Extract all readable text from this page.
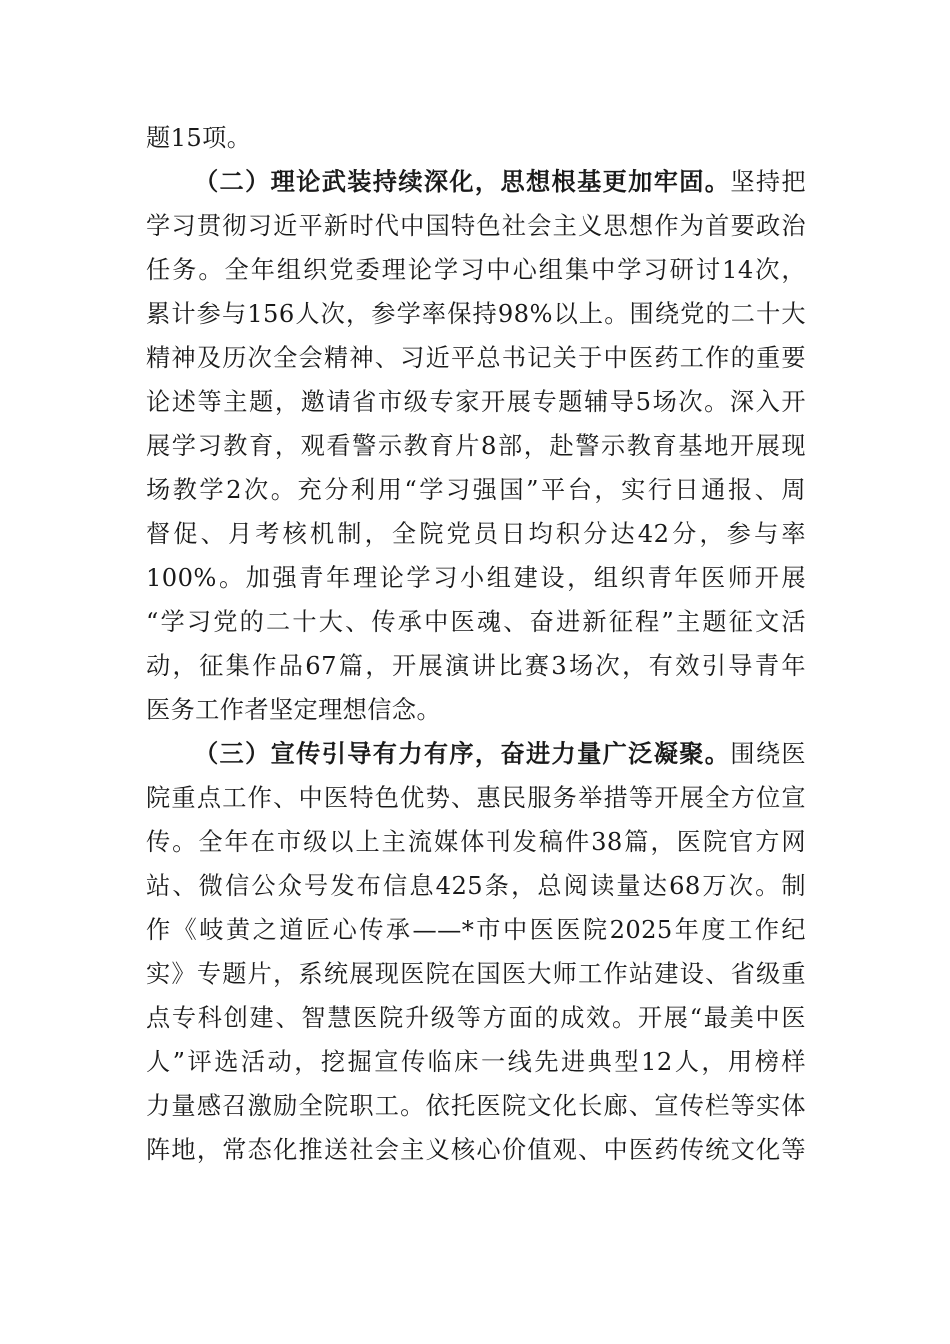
题15项。
（二）理论武装持续深化，思想根基更加牢固。坚持把
学习贯彻习近平新时代中国特色社会主义思想作为首要政治
任务。全年组织党委理论学习中心组集中学习研讨14次，
累计参与156人次，参学率保持98%以上。围绕党的二十大
精神及历次全会精神、习近平总书记关于中医药工作的重要
论述等主题，邀请省市级专家开展专题辅导5场次。深入开
展学习教育，观看警示教育片8部，赴警示教育基地开展现
场教学2次。充分利用“学习强国”平台，实行日通报、周
督促、月考核机制，全院党员日均积分达42分，参与率
100%。加强青年理论学习小组建设，组织青年医师开展
“学习党的二十大、传承中医魂、奋进新征程”主题征文活
动，征集作品67篇，开展演讲比赛3场次，有效引导青年
医务工作者坚定理想信念。
（三）宣传引导有力有序，奋进力量广泛凝聚。围绕医
院重点工作、中医特色优势、惠民服务举措等开展全方位宣
传。全年在市级以上主流媒体刊发稿件38篇，医院官方网
站、微信公众号发布信息425条，总阅读量达68万次。制
作《岐黄之道匠心传承——*市中医医院2025年度工作纪
实》专题片，系统展现医院在国医大师工作站建设、省级重
点专科创建、智慧医院升级等方面的成效。开展“最美中医
人”评选活动，挖掘宣传临床一线先进典型12人，用榜样
力量感召激励全院职工。依托医院文化长廊、宣传栏等实体
阵地，常态化推送社会主义核心价值观、中医药传统文化等
